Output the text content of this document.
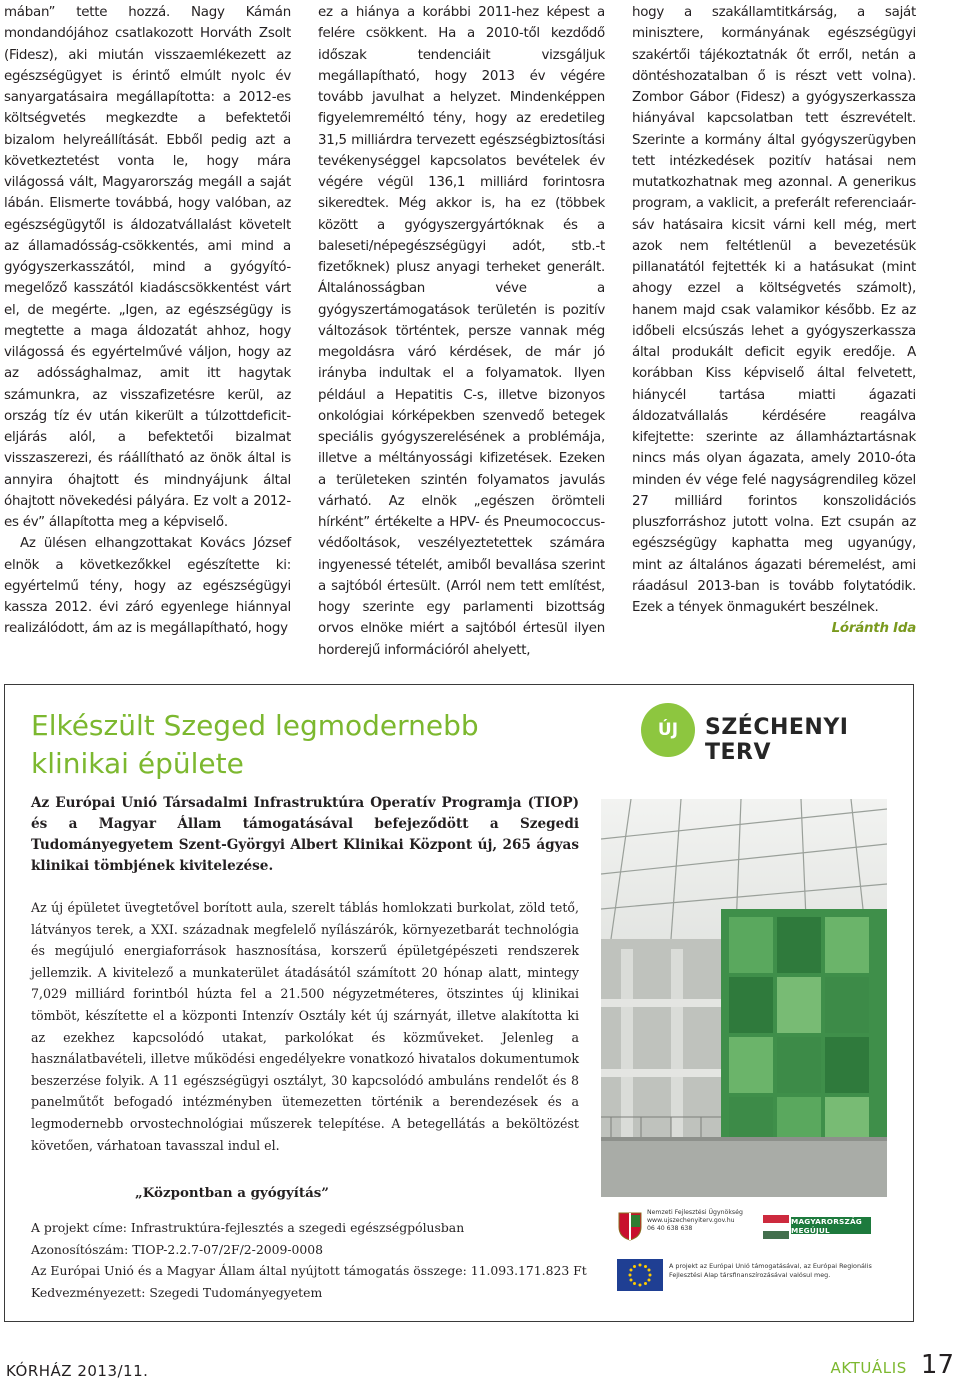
mában” tette hozzá. Nagy Kámán mondandójához csatlakozott Horváth Zsolt (Fidesz), aki miután visszaemlékezett az egészségügyet is érintő elmúlt nyolc év sanyargatásaira megállapította: a 2012-es költségvetés megkezdte a befektetői bizalom helyreállítását. Ebből pedig azt a következtetést vonta le, hogy mára világossá vált, Magyarország megáll a saját lábán. Elismerte továbbá, hogy valóban, az egészségügytől is áldozatvállalást követelt az államadósság-csökkentés, ami mind a gyógyszerkasszától, mind a gyógyító-megelőző kasszától kiadáscsökkentést várt el, de megérte. „Igen, az egészségügy is megtette a maga áldozatát ahhoz, hogy világossá és egyértelművé váljon, hogy az az adóssághalmaz, amit itt hagytak számunkra, az visszafizetésre kerül, az ország tíz év után kikerült a túlzottdeficit-eljárás alól, a befektetői bizalmat visszaszerezi, és ráállítható az önök által is annyira óhajtott és mindnyájunk által óhajtott növekedési pályára. Ez volt a 2012-es év” állapította meg a képviselő.

Az ülésen elhangzottakat Kovács József elnök a következőkkel egészítette ki: egyértelmű tény, hogy az egészségügyi kassza 2012. évi záró egyenlege hiánnyal realizálódott, ám az is megállapítható, hogy

ez a hiánya a korábbi 2011-hez képest a felére csökkent. Ha a 2010-től kezdődő időszak tendenciáit vizsgáljuk megállapítható, hogy 2013 év végére tovább javulhat a helyzet. Mindenképpen figyelemreméltó tény, hogy az eredetileg 31,5 milliárdra tervezett egészségbiztosítási tevékenységgel kapcsolatos bevételek év végére végül 136,1 milliárd forintosra sikeredtek. Még akkor is, ha ez (többek között a gyógyszergyártóknak és a baleseti/népegészségügyi adót, stb.-t fizetőknek) plusz anyagi terheket generált. Általánosságban véve a gyógyszertámogatások területén is pozitív változások történtek, persze vannak még megoldásra váró kérdések, de már jó irányba indultak el a folyamatok. Ilyen például a Hepatitis C-s, illetve bizonyos onkológiai kórképekben szenvedő betegek speciális gyógyszerelésének a problémája, illetve a méltányossági kifizetések. Ezeken a területeken szintén folyamatos javulás várható. Az elnök „egészen örömteli hírként” értékelte a HPV- és Pneumococcus-védőoltások, veszélyeztetettek számára ingyenessé tételét, amiből bevallása szerint a sajtóból értesült. (Arról nem tett említést, hogy szerinte egy parlamenti bizottság orvos elnöke miért a sajtóból értesül ilyen horderejű információról ahelyett,

hogy a szakállamtitkárság, a saját minisztere, kormányának egészségügyi szakértői tájékoztatnák őt erről, netán a döntéshozatalban ő is részt vett volna). Zombor Gábor (Fidesz) a gyógyszerkassza hiányával kapcsolatban tett észrevételt. Szerinte a kormány által gyógyszerügyben tett intézkedések pozitív hatásai nem mutatkozhatnak meg azonnal. A generikus program, a vaklicit, a preferált referenciaár-sáv hatásaira kicsit várni kell még, mert azok nem feltétlenül a bevezetésük pillanatától fejtették ki a hatásukat (mint ahogy ezzel a költségvetés számolt), hanem majd csak valamikor később. Ez az időbeli elcsúszás lehet a gyógyszerkassza által produkált deficit egyik eredője. A korábban Kiss képviselő által felvetett, hiánycél tartása miatti ágazati áldozatvállalás kérdésére reagálva kifejtette: szerinte az államháztartásnak nincs más olyan ágazata, amely 2010-óta minden év vége felé nagyságrendileg közel 27 milliárd forintos konszolidációs pluszforráshoz jutott volna. Ezt csupán az egészségügy kaphatta meg ugyanúgy, mint az általános ágazati béremelést, ami ráadásul 2013-ban is tovább folytatódik. Ezek a tények önmagukért beszélnek.

Lóránth Ida

Elkészült Szeged legmodernebb klinikai épülete

Az Európai Unió Társadalmi Infrastruktúra Operatív Programja (TIOP) és a Magyar Állam támogatásával befejeződött a Szegedi Tudományegyetem Szent-Györgyi Albert Klinikai Központ új, 265 ágyas klinikai tömbjének kivitelezése.

Az új épületet üvegtetővel borított aula, szerelt táblás homlokzati burkolat, zöld tető, látványos terek, a XXI. századnak megfelelő nyílászárók, környezetbarát technológia és megújuló energiaforrások hasznosítása, korszerű épületgépészeti rendszerek jellemzik. A kivitelező a munkaterület átadásától számított 20 hónap alatt, mintegy 7,029 milliárd forintból húzta fel a 21.500 négyzetméteres, ötszintes új klinikai tömböt, készítette el a központi Intenzív Osztály két új szárnyát, illetve alakította ki az ezekhez kapcsolódó utakat, parkolókat és közműveket. Jelenleg a használatbavételi, illetve működési engedélyekre vonatkozó hivatalos dokumentumok beszerzése folyik. A 11 egészségügyi osztályt, 30 kapcsolódó ambuláns rendelőt és 8 panelműtőt befogadó intézményben ütemezetten történik a berendezések és a legmodernebb orvostechnológiai műszerek telepítése. A betegellátás a beköltözést követően, várhatoan tavasszal indul el.

„Központban a gyógyítás”

A projekt címe: Infrastruktúra-fejlesztés a szegedi egészségpólusban
Azonosítószám: TIOP-2.2.7-07/2F/2-2009-0008
Az Európai Unió és a Magyar Állam által nyújtott támogatás összege: 11.093.171.823 Ft
Kedvezményezett: Szegedi Tudományegyetem
ÚJ SZÉCHENYI TERV
Nemzeti Fejlesztési Ügynökség
www.ujszechenyiterv.gov.hu
06 40 638 638
MAGYARORSZÁG MEGÚJUL
A projekt az Európai Unió támogatásával, az Európai Regionális Fejlesztési Alap társfinanszírozásával valósul meg.
KÓRHÁZ 2013/11.	AKTUÁLIS 17
